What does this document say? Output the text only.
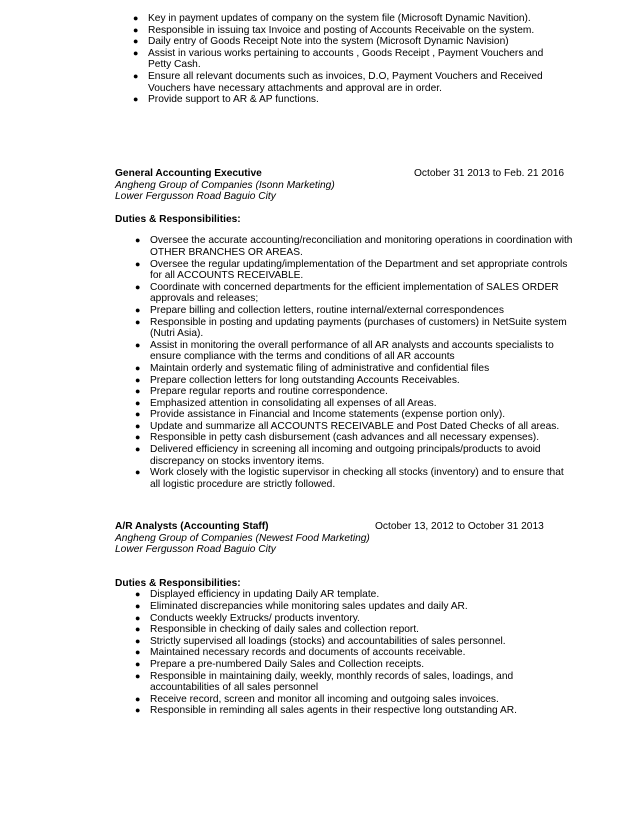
● Key in payment updates of company on the system file (Microsoft Dynamic Navition).
● Responsible in issuing tax Invoice and posting of Accounts Receivable on the system.
● Daily entry of Goods Receipt Note into the system (Microsoft Dynamic Navision)
● Assist in various works pertaining to accounts , Goods Receipt , Payment Vouchers and Petty Cash.
● Ensure all relevant documents such as invoices, D.O, Payment Vouchers and Received Vouchers have necessary attachments and approval are in order.
● Provide support to AR & AP functions.
General Accounting Executive	October 31 2013 to Feb. 21 2016
Angheng Group of Companies (Isonn Marketing)
Lower Fergusson Road Baguio City
Duties & Responsibilities:
● Oversee the accurate accounting/reconciliation and monitoring operations in coordination with OTHER BRANCHES OR AREAS.
● Oversee the regular updating/implementation of the Department and set appropriate controls for all ACCOUNTS RECEIVABLE.
● Coordinate with concerned departments for the efficient implementation of SALES ORDER approvals and releases;
● Prepare billing and collection letters, routine internal/external correspondences
● Responsible in posting and updating payments (purchases of customers) in NetSuite system (Nutri Asia).
● Assist in monitoring the overall performance of all AR analysts and accounts specialists to ensure compliance with the terms and conditions of all AR accounts
● Maintain orderly and systematic filing of administrative and confidential files
● Prepare collection letters for long outstanding Accounts Receivables.
● Prepare regular reports and routine correspondence.
● Emphasized attention in consolidating all expenses of all Areas.
● Provide assistance in Financial and Income statements (expense portion only).
● Update and summarize all ACCOUNTS RECEIVABLE and Post Dated Checks of all areas.
● Responsible in petty cash disbursement (cash advances and all necessary expenses).
● Delivered efficiency in screening all incoming and outgoing principals/products to avoid discrepancy on stocks inventory items.
● Work closely with the logistic supervisor in checking all stocks (inventory) and to ensure that all logistic procedure are strictly followed.
A/R Analysts (Accounting Staff)	October 13, 2012 to October 31 2013
Angheng Group of Companies (Newest Food Marketing)
Lower Fergusson Road Baguio City
Duties & Responsibilities:
● Displayed efficiency in updating Daily AR template.
● Eliminated discrepancies while monitoring sales updates and daily AR.
● Conducts weekly Extrucks/ products inventory.
● Responsible in checking of daily sales and collection report.
● Strictly supervised all loadings (stocks) and accountabilities of sales personnel.
● Maintained necessary records and documents of accounts receivable.
● Prepare a pre-numbered Daily Sales and Collection receipts.
● Responsible in maintaining daily, weekly, monthly records of sales, loadings, and accountabilities of all sales personnel
● Receive record, screen and monitor all incoming and outgoing sales invoices.
● Responsible in reminding all sales agents in their respective long outstanding AR.
